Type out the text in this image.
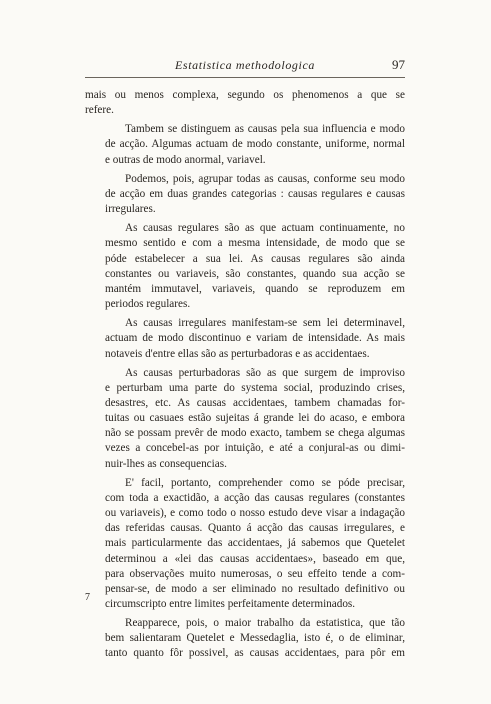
Estatistica methodologica	97
mais ou menos complexa, segundo os phenomenos a que se
refere.
Tambem se distinguem as causas pela sua influencia e modo
de acção. Algumas actuam de modo constante, uniforme, normal
e outras de modo anormal, variavel.
Podemos, pois, agrupar todas as causas, conforme seu modo
de acção em duas grandes categorias : causas regulares e causas
irregulares.
As causas regulares são as que actuam continuamente, no
mesmo sentido e com a mesma intensidade, de modo que se
póde estabelecer a sua lei. As causas regulares são ainda
constantes ou variaveis, são constantes, quando sua acção se
mantém immutavel, variaveis, quando se reproduzem em
periodos regulares.
As causas irregulares manifestam-se sem lei determinavel,
actuam de modo discontinuo e variam de intensidade. As mais
notaveis d'entre ellas são as perturbadoras e as accidentaes.
As causas perturbadoras são as que surgem de improviso
e perturbam uma parte do systema social, produzindo crises,
desastres, etc. As causas accidentaes, tambem chamadas for-
tuitas ou casuaes estão sujeitas á grande lei do acaso, e embora
não se possam prevêr de modo exacto, tambem se chega algumas
vezes a concebel-as por intuição, e até a conjural-as ou dimi-
nuir-lhes as consequencias.
E' facil, portanto, comprehender como se póde precisar,
com toda a exactidão, a acção das causas regulares (constantes
ou variaveis), e como todo o nosso estudo deve visar a indagação
das referidas causas. Quanto á acção das causas irregulares, e
mais particularmente das accidentaes, já sabemos que Quetelet
determinou a «lei das causas accidentaes», baseado em que,
para observações muito numerosas, o seu effeito tende a com-
pensar-se, de modo a ser eliminado no resultado definitivo ou
circumscripto entre limites perfeitamente determinados.
Reapparece, pois, o maior trabalho da estatistica, que tão
bem salientaram Quetelet e Messedaglia, isto é, o de eliminar,
tanto quanto fôr possivel, as causas accidentaes, para pôr em
7
